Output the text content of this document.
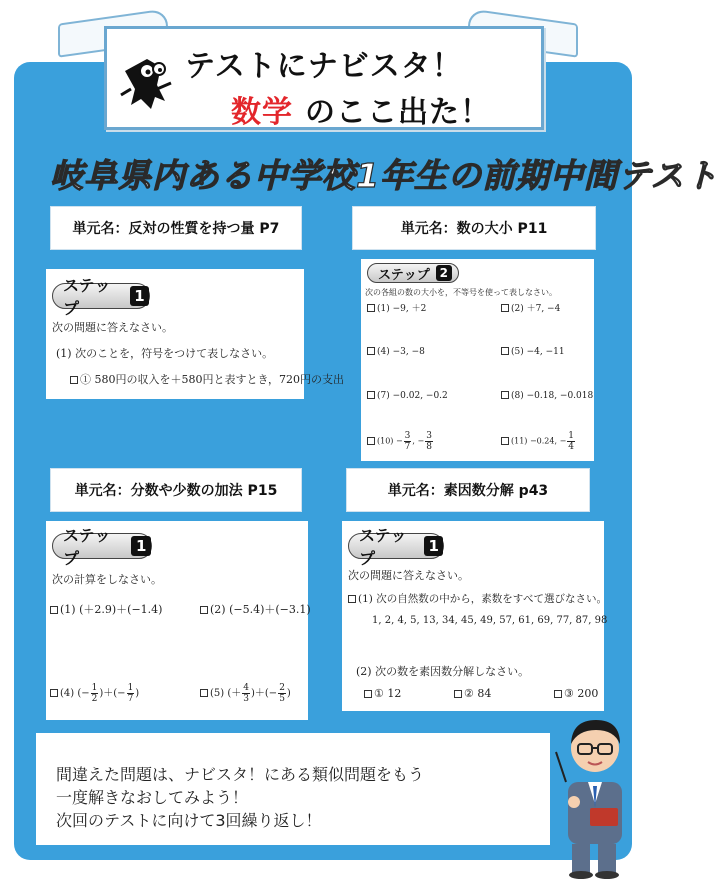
テストにナビスタ！
数学 のここ出た！
岐阜県内ある中学校1年生の前期中間テスト
単元名：反対の性質を持つ量 P7	単元名：数の大小 P11
単元名：分数や少数の加法 P15	単元名：素因数分解 p43
ステップ
1
次の問題に答えなさい。
(1) 次のことを，符号をつけて表しなさい。
① 580円の収入を＋580円と表すとき，720円の支出
ステップ 2
次の各組の数の大小を，不等号を使って表しなさい。
(1) −9, ＋2	(2) ＋7, −4
(4) −3, −8	(5) −4, −11
(7) −0.02, −0.2	(8) −0.18, −0.018
$(10) - \frac{3}{7}$ , − $\frac{3}{8}$	(11) −0.24, − $\frac{1}{4}$
ステップ
1
次の計算をしなさい。
(1) (＋2.9)＋(−1.4)	(2) (−5.4)＋(−3.1)
(4) (− $\frac{1}{2}$ )＋(− $\frac{1}{7}$ )	(5) (＋ $\frac{4}{3}$ )＋(− $\frac{2}{5}$ )
ステップ
1
次の問題に答えなさい。
(1) 次の自然数の中から，素数をすべて選びなさい。
1, 2, 4, 5, 13, 34, 45, 49, 57, 61, 69, 77, 87, 98
(2) 次の数を素因数分解しなさい。
① 12	② 84	③ 200
間違えた問題は、ナビスタ！にある類似問題をもう
一度解きなおしてみよう！
次回のテストに向けて3回繰り返し！
